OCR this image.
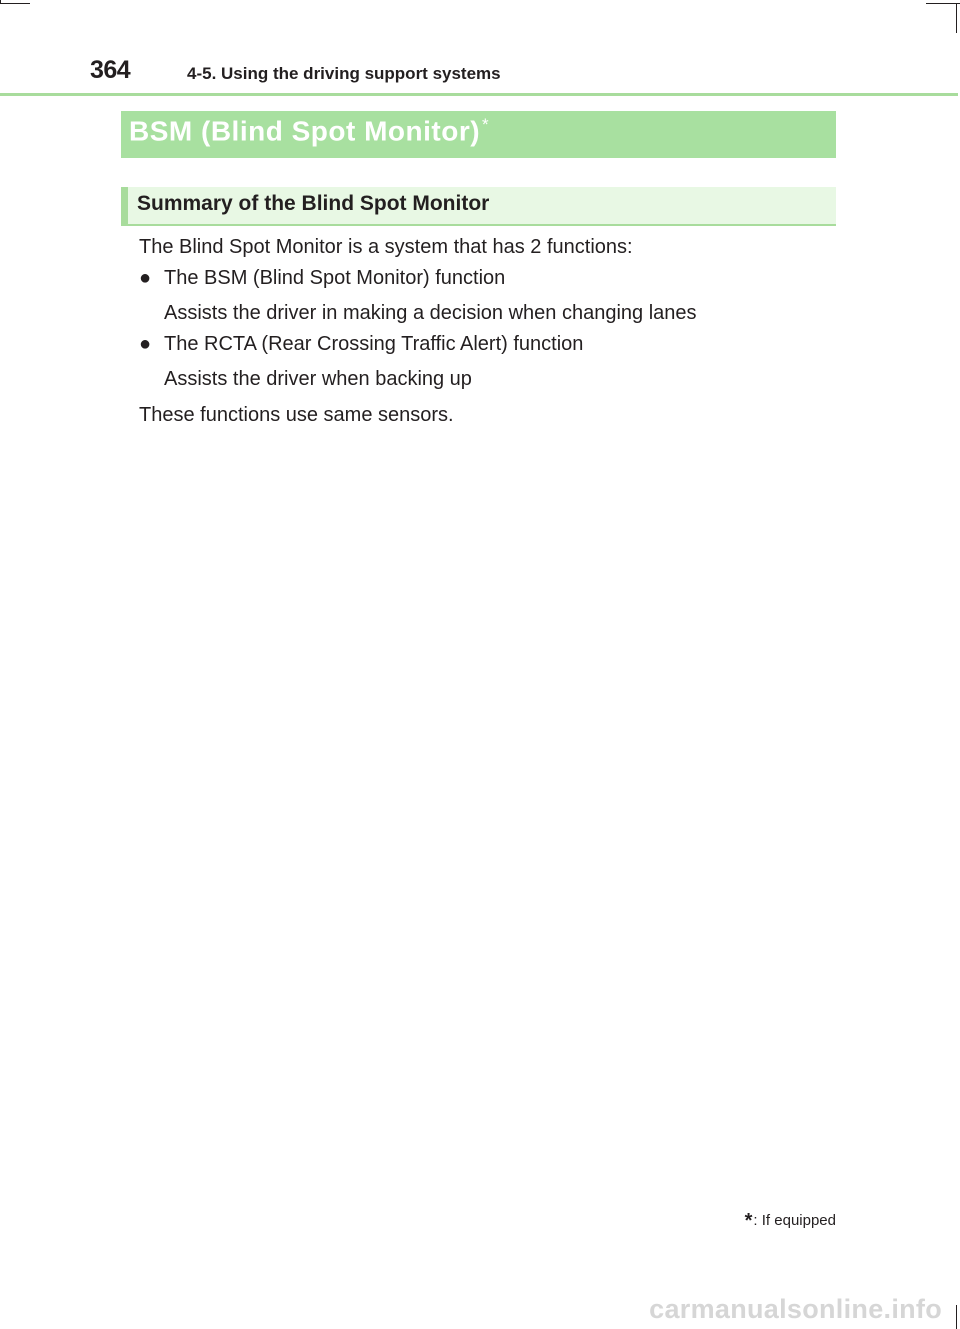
364	4-5. Using the driving support systems
BSM (Blind Spot Monitor) *
Summary of the Blind Spot Monitor
The Blind Spot Monitor is a system that has 2 functions:
● The BSM (Blind Spot Monitor) function
Assists the driver in making a decision when changing lanes
● The RCTA (Rear Crossing Traffic Alert) function
Assists the driver when backing up
These functions use same sensors.
*: If equipped
carmanualsonline.info
